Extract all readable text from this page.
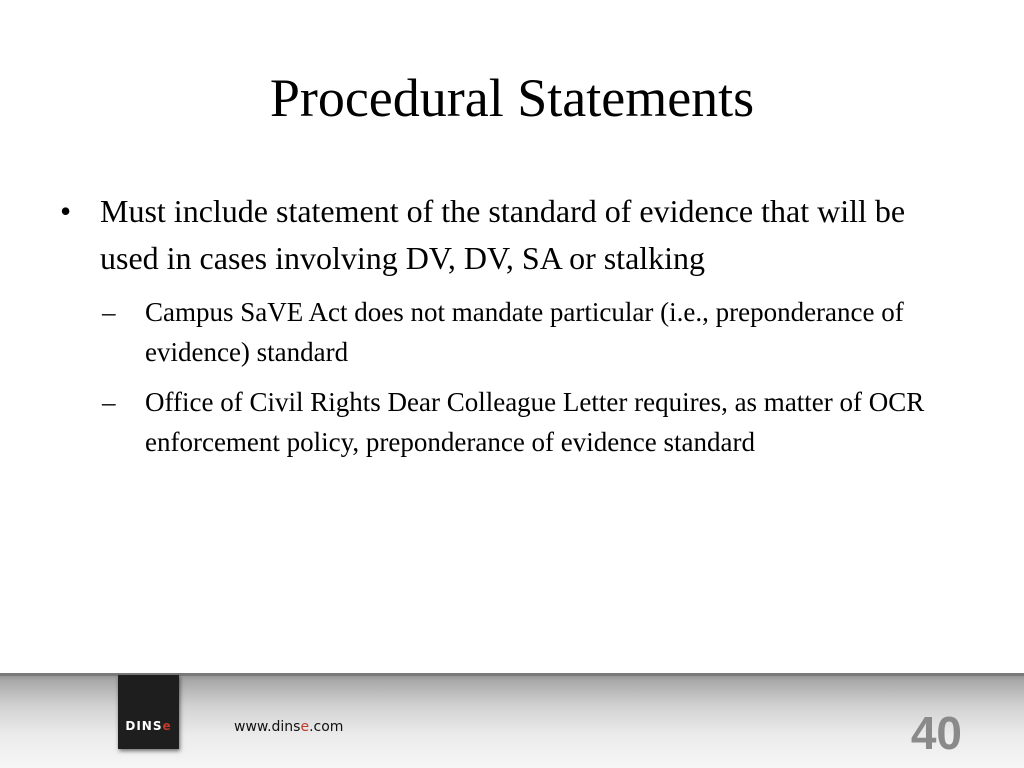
Procedural Statements
• Must include statement of the standard of evidence that will be used in cases involving DV, DV, SA or stalking
– Campus SaVE Act does not mandate particular (i.e., preponderance of evidence) standard
– Office of Civil Rights Dear Colleague Letter requires, as matter of OCR enforcement policy, preponderance of evidence standard
DINSe	www.dinse.com	40
